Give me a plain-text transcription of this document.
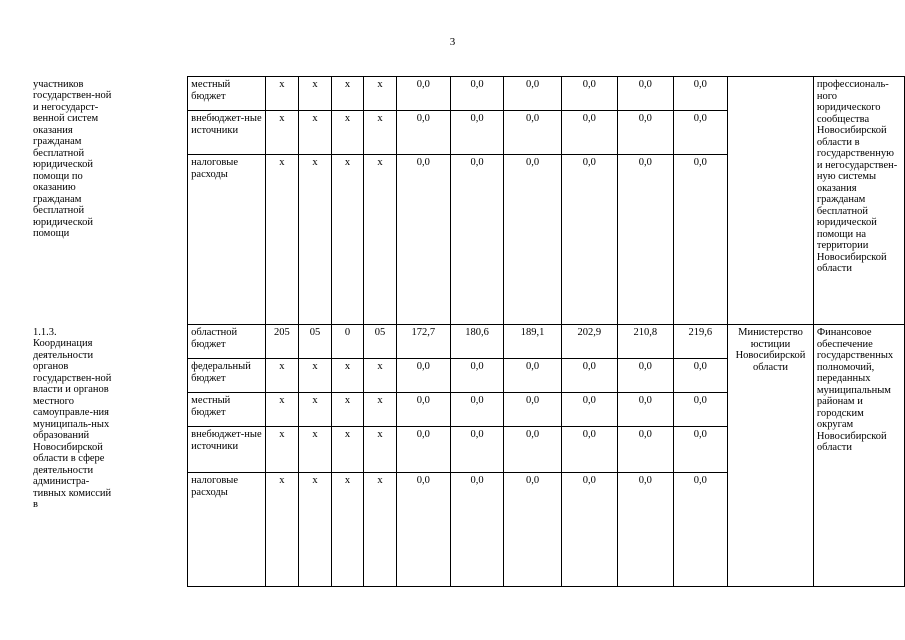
3
участников государствен-ной и негосударст-венной систем оказания гражданам бесплатной юридической помощи по оказанию гражданам бесплатной юридической помощи	местный бюджет	x	x	x	x	0,0	0,0	0,0	0,0	0,0	0,0		профессиональ-ного юридического сообщества Новосибирской области в государственную и негосударствен-ную системы оказания гражданам бесплатной юридической помощи на территории Новосибирской области
	внебюджет-ные источники	x	x	x	x	0,0	0,0	0,0	0,0	0,0	0,0		
	налоговые расходы	x	x	x	x	0,0	0,0	0,0	0,0	0,0	0,0		

1.1.3. Координация деятельности органов государствен-ной власти и органов местного самоуправле-ния муниципаль-ных образований Новосибирской области в сфере деятельности администра-тивных комиссий в	областной бюджет	205	05	0	05	172,7	180,6	189,1	202,9	210,8	219,6	Министерство юстиции Новосибирской области	Финансовое обеспечение государственных полномочий, переданных муниципальным районам и городским округам Новосибирской области
	федеральный бюджет	x	x	x	x	0,0	0,0	0,0	0,0	0,0	0,0		
	местный бюджет	x	x	x	x	0,0	0,0	0,0	0,0	0,0	0,0		
	внебюджет-ные источники	x	x	x	x	0,0	0,0	0,0	0,0	0,0	0,0		
	налоговые расходы	x	x	x	x	0,0	0,0	0,0	0,0	0,0	0,0		
